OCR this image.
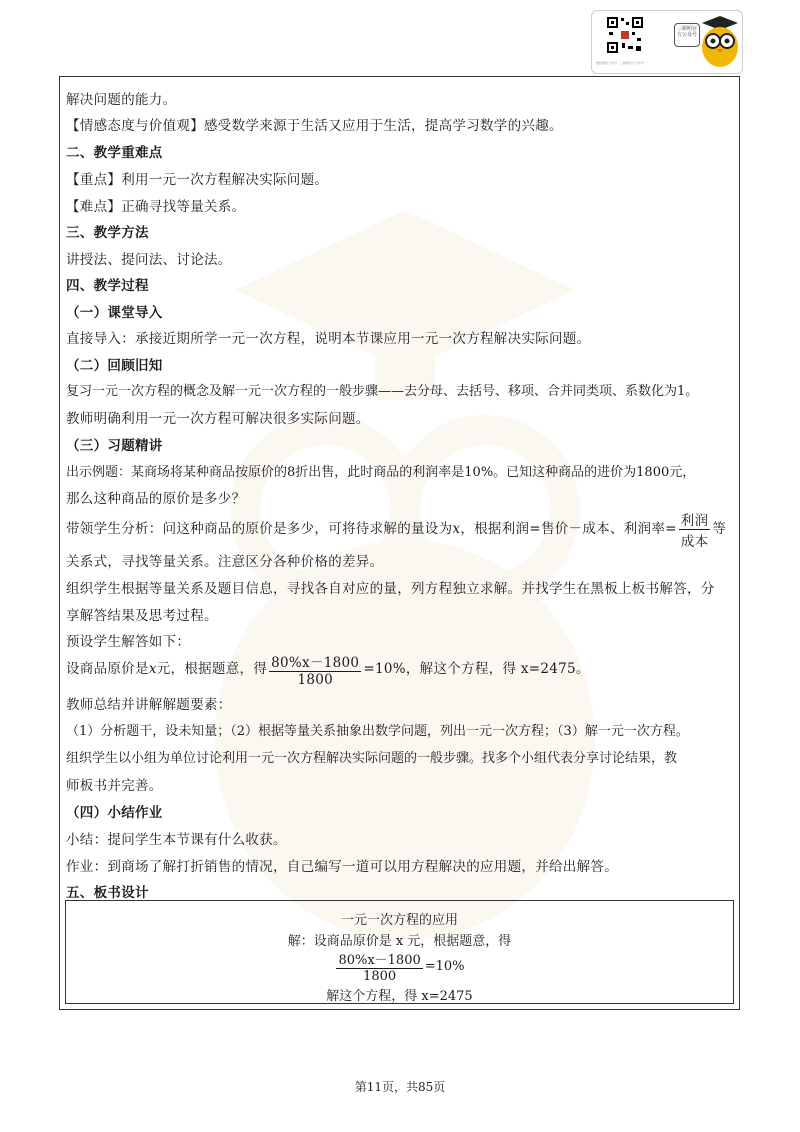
三顾明官方公众号
微信搜索公众号 · 三顾明官方公众号
解决问题的能力。
【情感态度与价值观】感受数学来源于生活又应用于生活，提高学习数学的兴趣。
二、教学重难点
【重点】利用一元一次方程解决实际问题。
【难点】正确寻找等量关系。
三、教学方法
讲授法、提问法、讨论法。
四、教学过程
（一）课堂导入
直接导入：承接近期所学一元一次方程，说明本节课应用一元一次方程解决实际问题。
（二）回顾旧知
复习一元一次方程的概念及解一元一次方程的一般步骤——去分母、去括号、移项、合并同类项、系数化为1。
教师明确利用一元一次方程可解决很多实际问题。
（三）习题精讲
出示例题：某商场将某种商品按原价的8折出售，此时商品的利润率是10%。已知这种商品的进价为1800元，
那么这种商品的原价是多少？
带领学生分析：问这种商品的原价是多少，可将待求解的量设为x，根据利润=售价－成本、利润率= $\frac{\text{利润}}{\text{成本}}$ 等
关系式，寻找等量关系。注意区分各种价格的差异。
组织学生根据等量关系及题目信息，寻找各自对应的量，列方程独立求解。并找学生在黑板上板书解答，分
享解答结果及思考过程。
预设学生解答如下：
设商品原价是x元，根据题意，得 $\frac{80\%x-1800}{1800} =10\%$，解这个方程，得 x=2475。
教师总结并讲解解题要素：
（1）分析题干，设未知量；（2）根据等量关系抽象出数学问题，列出一元一次方程；（3）解一元一次方程。
组织学生以小组为单位讨论利用一元一次方程解决实际问题的一般步骤。找多个小组代表分享讨论结果，教
师板书并完善。
（四）小结作业
小结：提问学生本节课有什么收获。
作业：到商场了解打折销售的情况，自己编写一道可以用方程解决的应用题，并给出解答。
五、板书设计
一元一次方程的应用
解：设商品原价是 x 元，根据题意，得
$\frac{80\%x-1800}{1800} =10\%$
解这个方程，得 x=2475
第11页，共85页
